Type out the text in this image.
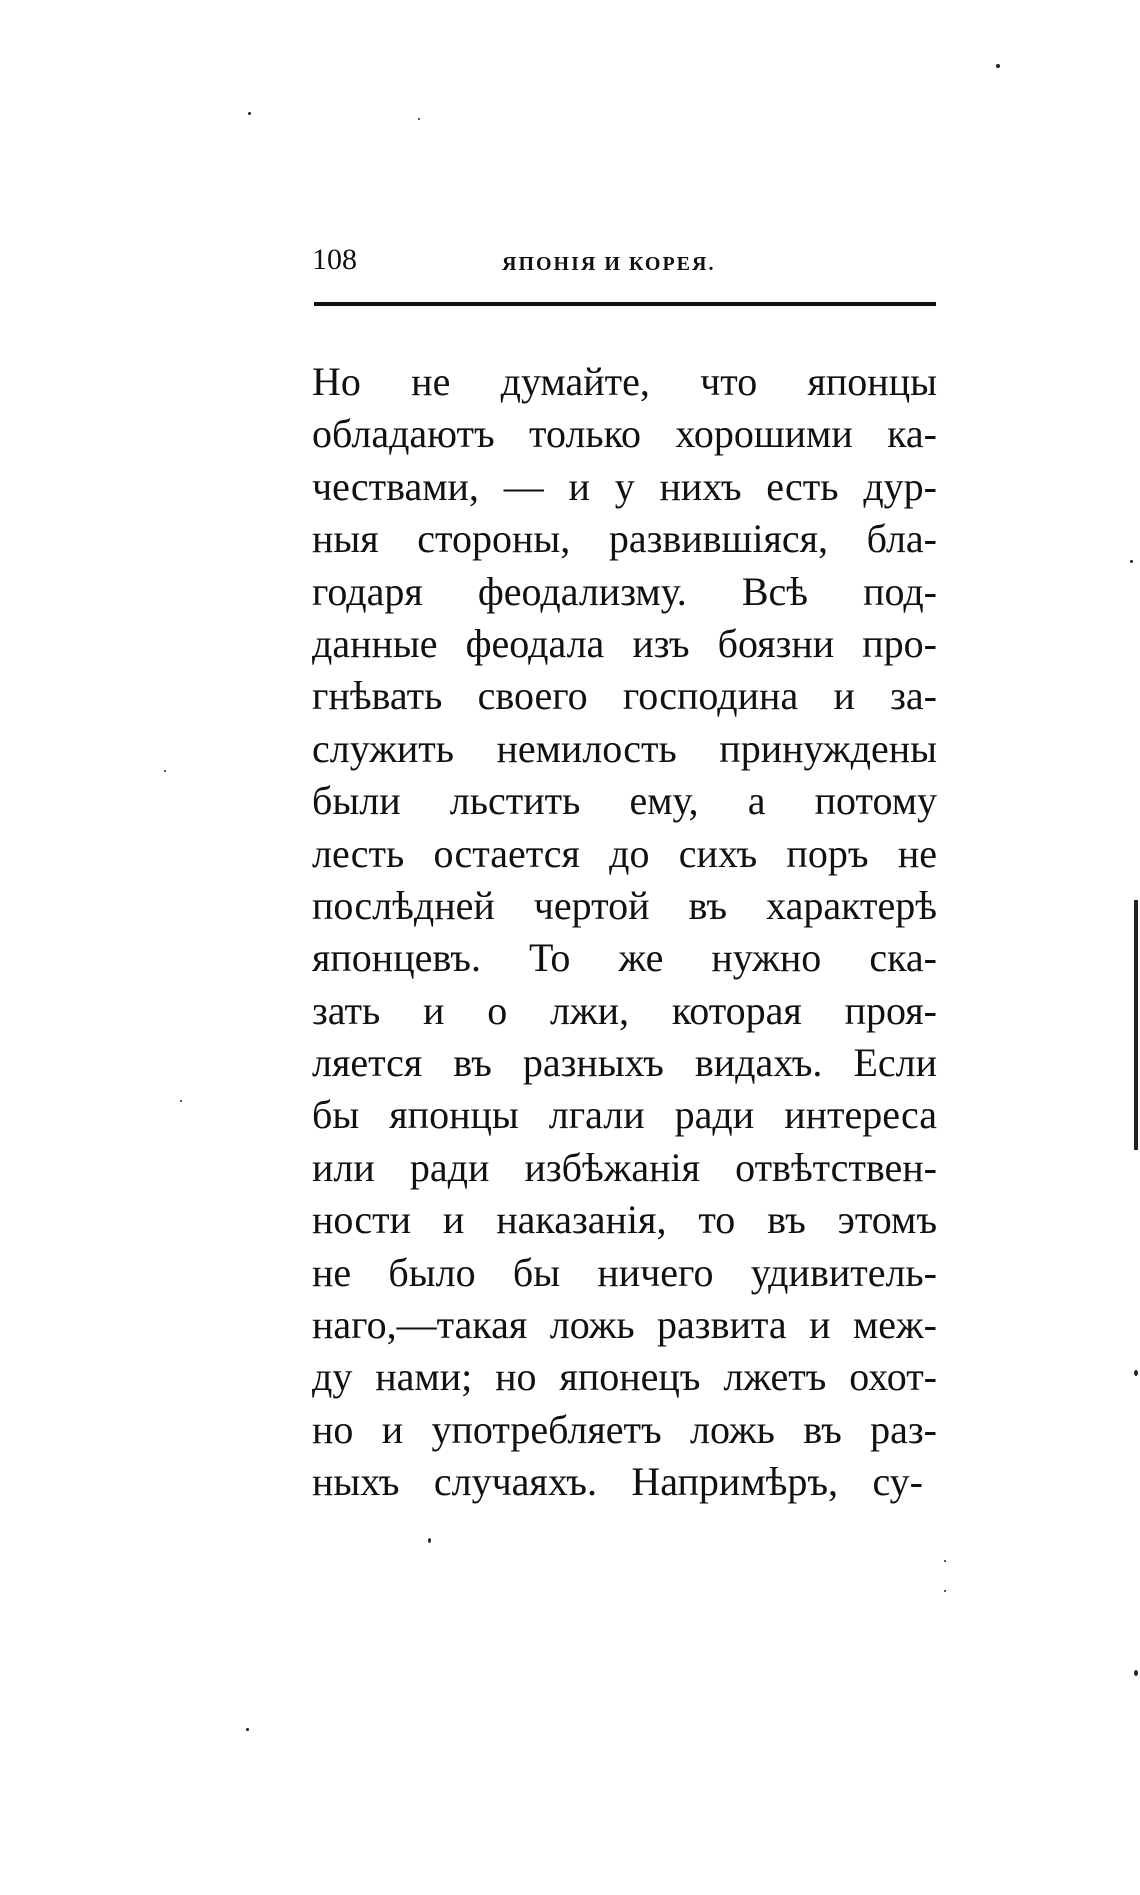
108	ЯПОНІЯ И КОРЕЯ.
Но не думайте, что японцы
обладаютъ только хорошими ка-
чествами, — и у нихъ есть дур-
ныя стороны, развившіяся, бла-
годаря феодализму. Всѣ под-
данные феодала изъ боязни про-
гнѣвать своего господина и за-
служить немилость принуждены
были льстить ему, а потому
лесть остается до сихъ поръ не
послѣдней чертой въ характерѣ
японцевъ. То же нужно ска-
зать и о лжи, которая проя-
ляется въ разныхъ видахъ. Если
бы японцы лгали ради интереса
или ради избѣжанія отвѣтствен-
ности и наказанія, то въ этомъ
не было бы ничего удивитель-
наго,—такая ложь развита и меж-
ду нами; но японецъ лжетъ охот-
но и употребляетъ ложь въ раз-
ныхъ случаяхъ. Напримѣръ, су-
